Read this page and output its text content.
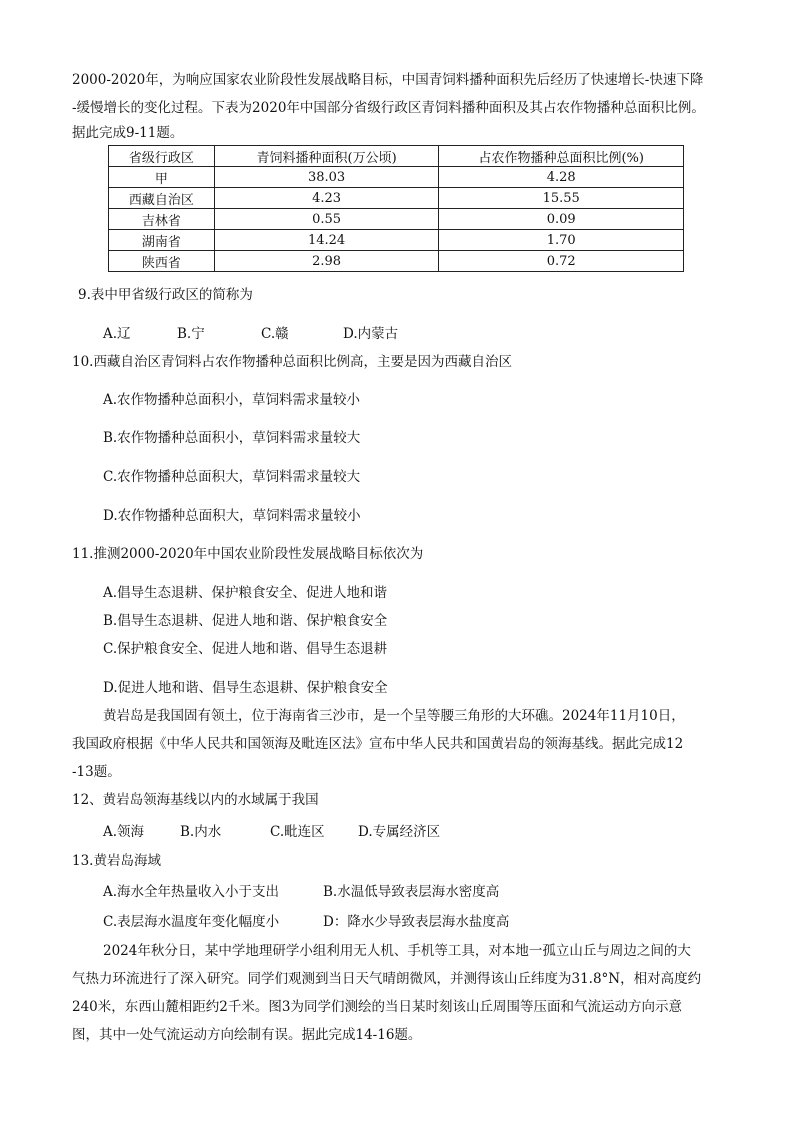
2000-2020年，为响应国家农业阶段性发展战略目标，中国青饲料播种面积先后经历了快速增长-快速下降
-缓慢增长的变化过程。下表为2020年中国部分省级行政区青饲料播种面积及其占农作物播种总面积比例。
据此完成9-11题。
省级行政区	青饲料播种面积(万公顷)	占农作物播种总面积比例(%)
甲	38.03	4.28
西藏自治区	4.23	15.55
吉林省	0.55	0.09
湖南省	14.24	1.70
陕西省	2.98	0.72
9.表中甲省级行政区的简称为
A.辽	B.宁	C.赣	D.内蒙古
10.西藏自治区青饲料占农作物播种总面积比例高，主要是因为西藏自治区
A.农作物播种总面积小，草饲料需求量较小
B.农作物播种总面积小，草饲料需求量较大
C.农作物播种总面积大，草饲料需求量较大
D.农作物播种总面积大，草饲料需求量较小
11.推测2000-2020年中国农业阶段性发展战略目标依次为
A.倡导生态退耕、保护粮食安全、促进人地和谐
B.倡导生态退耕、促进人地和谐、保护粮食安全
C.保护粮食安全、促进人地和谐、倡导生态退耕
D.促进人地和谐、倡导生态退耕、保护粮食安全
黄岩岛是我国固有领土，位于海南省三沙市，是一个呈等腰三角形的大环礁。2024年11月10日，
我国政府根据《中华人民共和国领海及毗连区法》宣布中华人民共和国黄岩岛的领海基线。据此完成12
-13题。
12、黄岩岛领海基线以内的水域属于我国
A.领海	B.内水	C.毗连区 D.专属经济区
13.黄岩岛海域
A.海水全年热量收入小于支出	B.水温低导致表层海水密度高
C.表层海水温度年变化幅度小	D：降水少导致表层海水盐度高
2024年秋分日，某中学地理研学小组利用无人机、手机等工具，对本地一孤立山丘与周边之间的大
气热力环流进行了深入研究。同学们观测到当日天气晴朗微风，并测得该山丘纬度为31.8°N，相对高度约
240米，东西山麓相距约2千米。图3为同学们测绘的当日某时刻该山丘周围等压面和气流运动方向示意
图，其中一处气流运动方向绘制有误。据此完成14-16题。
